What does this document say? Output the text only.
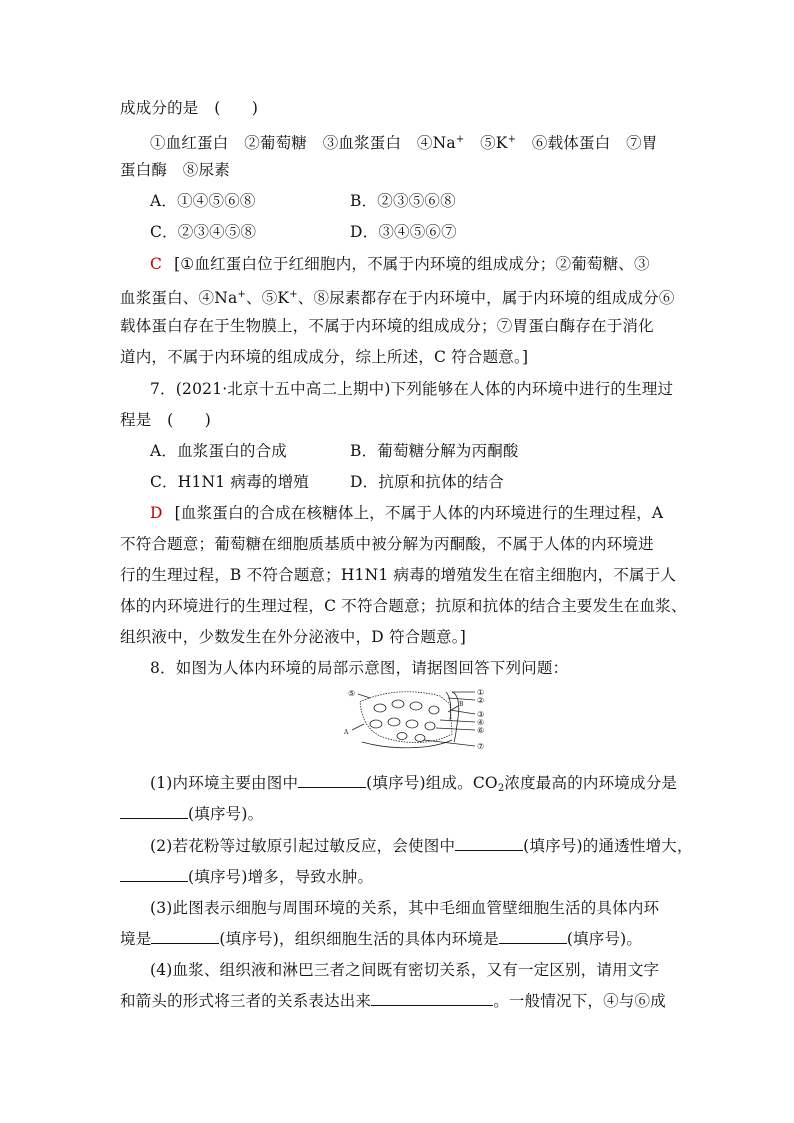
成成分的是　(　　)
①血红蛋白　②葡萄糖　③血浆蛋白　④Na+　⑤K+　⑥载体蛋白　⑦胃
蛋白酶　⑧尿素
A．①④⑤⑥⑧	B．②③⑤⑥⑧
C．②③④⑤⑧	D．③④⑤⑥⑦
C [①血红蛋白位于红细胞内，不属于内环境的组成成分；②葡萄糖、③
血浆蛋白、④Na+、⑤K+、⑧尿素都存在于内环境中，属于内环境的组成成分⑥
载体蛋白存在于生物膜上，不属于内环境的组成成分；⑦胃蛋白酶存在于消化
道内，不属于内环境的组成成分，综上所述，C 符合题意。]
7．(2021·北京十五中高二上期中)下列能够在人体的内环境中进行的生理过
程是　(　　)
A．血浆蛋白的合成	B．葡萄糖分解为丙酮酸
C．H1N1 病毒的增殖	D．抗原和抗体的结合
D [血浆蛋白的合成在核糖体上，不属于人体的内环境进行的生理过程，A
不符合题意；葡萄糖在细胞质基质中被分解为丙酮酸，不属于人体的内环境进
行的生理过程，B 不符合题意；H1N1 病毒的增殖发生在宿主细胞内，不属于人
体的内环境进行的生理过程，C 不符合题意；抗原和抗体的结合主要发生在血浆、
组织液中，少数发生在外分泌液中，D 符合题意。]
8．如图为人体内环境的局部示意图，请据图回答下列问题：
①
②
③
④
⑥
⑦
⑤
B
A
(1)内环境主要由图中	(填序号)组成。$CO_2$浓度最高的内环境成分是
(填序号)。
(2)若花粉等过敏原引起过敏反应，会使图中	(填序号)的通透性增大，
(填序号)增多，导致水肿。
(3)此图表示细胞与周围环境的关系，其中毛细血管壁细胞生活的具体内环
境是	(填序号)，组织细胞生活的具体内环境是	(填序号)。
(4)血浆、组织液和淋巴三者之间既有密切关系，又有一定区别，请用文字
和箭头的形式将三者的关系表达出来	。一般情况下，④与⑥成
